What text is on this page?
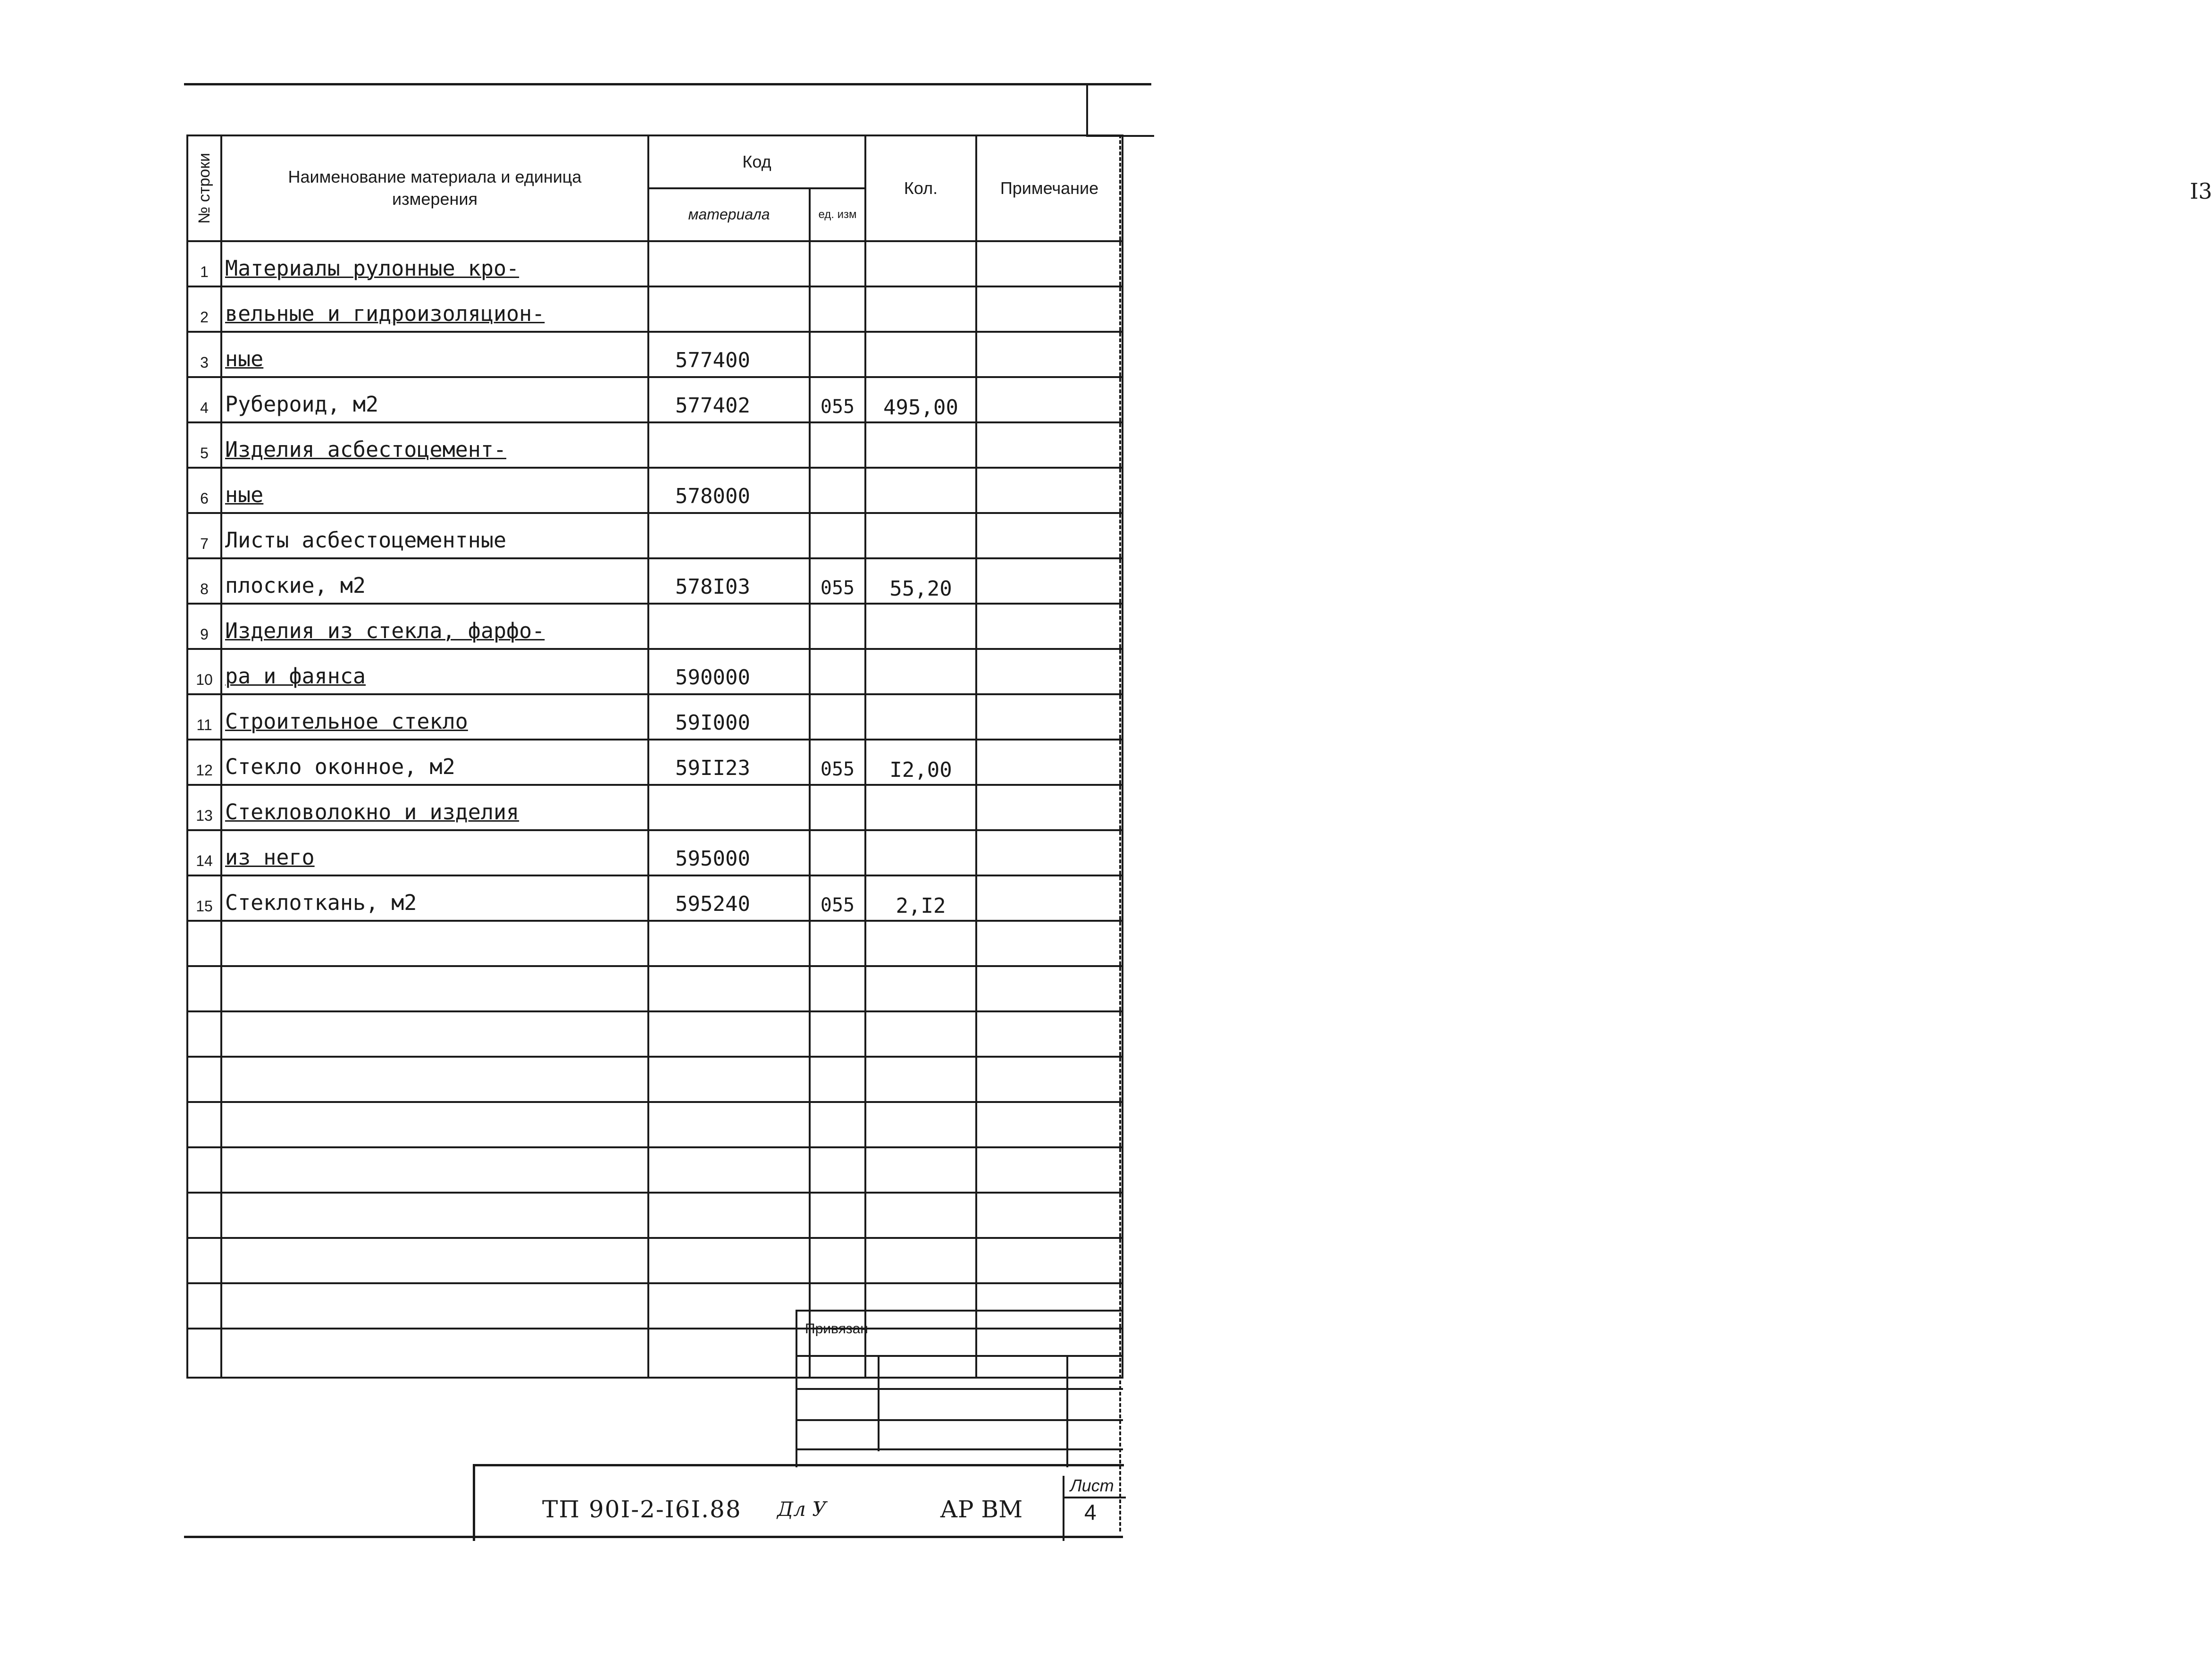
I3
№ строки	Наименование материала и единица измерения	Код		Кол.	Примечание
		материала	ед. изм		
1	Материалы рулонные кро-				
2	вельные и гидроизоляцион-				
3	ные	577400			
4	Рубероид, м2	577402	055	495,00	
5	Изделия асбестоцемент-				
6	ные	578000			
7	Листы асбестоцементные				
8	плоские, м2	578I03	055	55,20	
9	Изделия из стекла, фарфо-				
10	ра и фаянса	590000			
11	Строительное стекло	59I000			
12	Стекло оконное, м2	59II23	055	I2,00	
13	Стекловолокно и изделия				
14	из него	595000			
15	Стеклоткань, м2	595240	055	2,I2	

Привязан
ТП 90I-2-I6I.88 Дл У	АР ВМ
Лист
4
